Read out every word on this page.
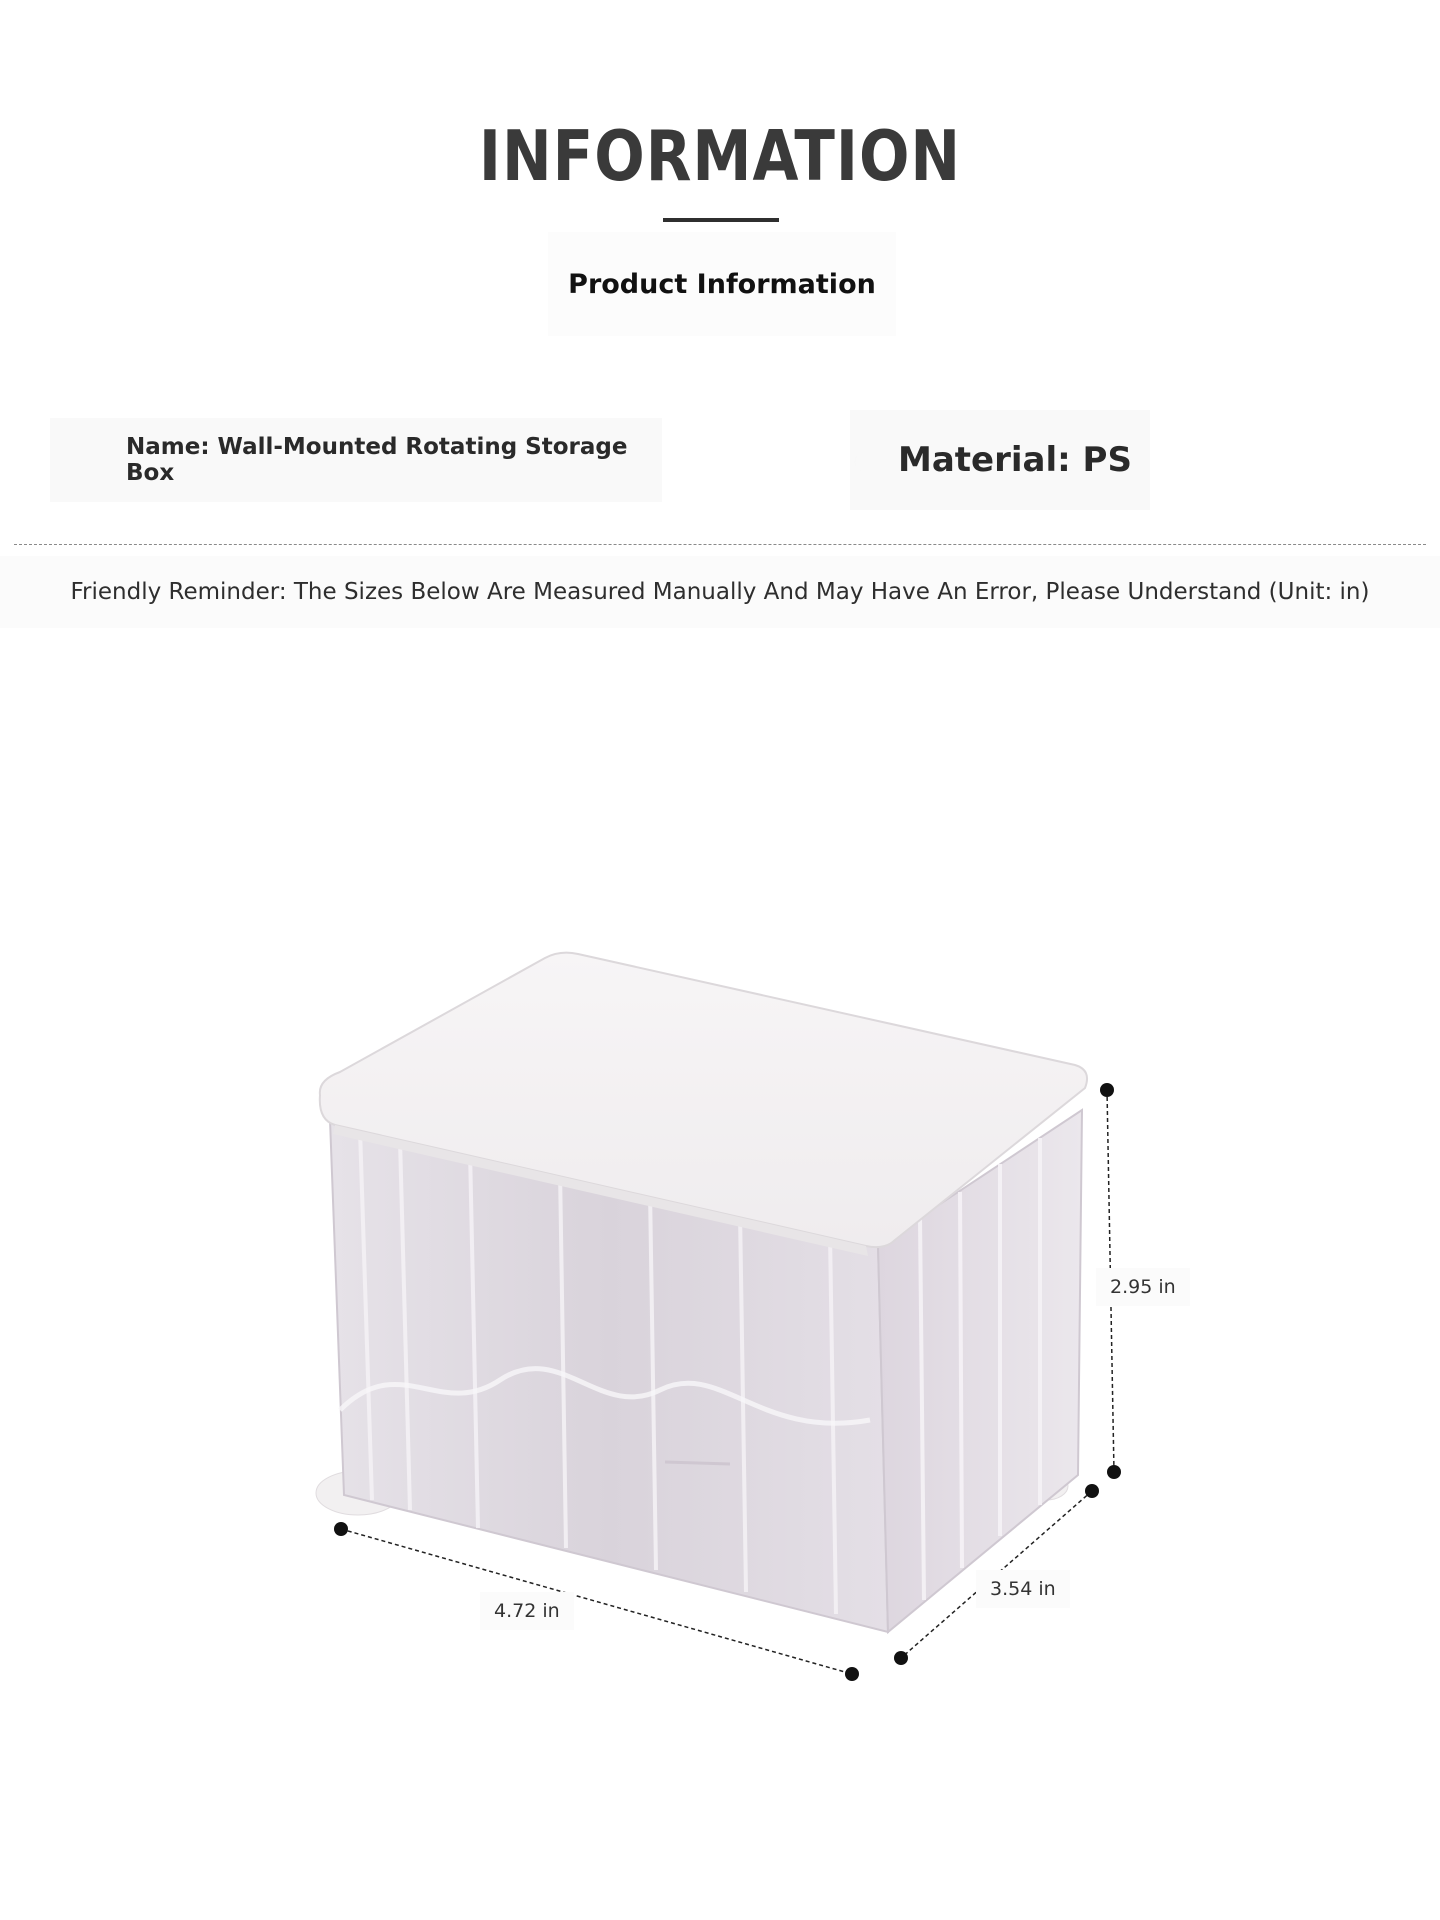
INFORMATION
Product Information
Name: Wall-Mounted Rotating Storage Box	Material: PS
Friendly Reminder: The Sizes Below Are Measured Manually And May Have An Error, Please Understand (Unit: in)
2.95 in
4.72 in
3.54 in
